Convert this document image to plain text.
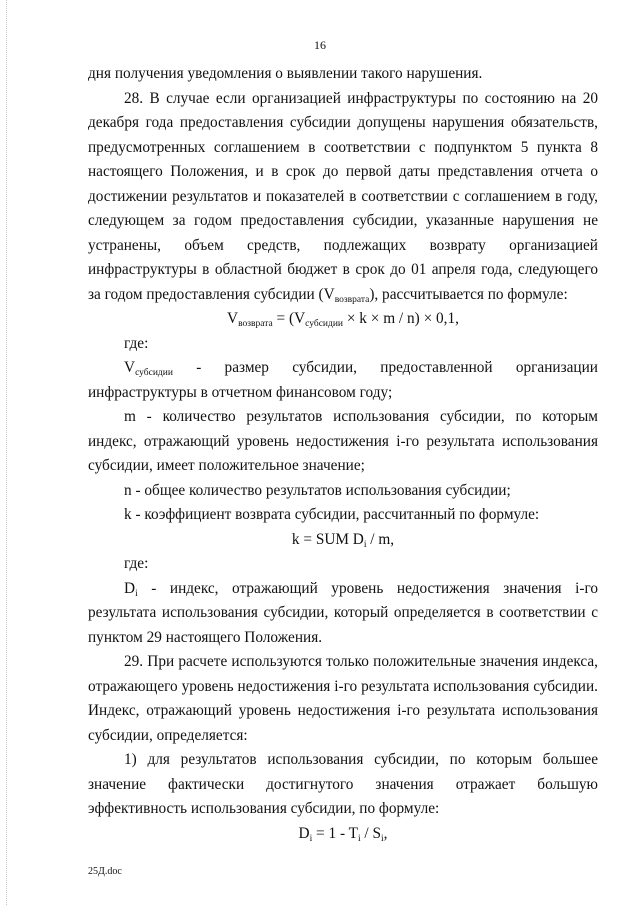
16

дня получения уведомления о выявлении такого нарушения.

28. В случае если организацией инфраструктуры по состоянию на 20 декабря года предоставления субсидии допущены нарушения обязательств, предусмотренных соглашением в соответствии с подпунктом 5 пункта 8 настоящего Положения, и в срок до первой даты представления отчета о достижении результатов и показателей в соответствии с соглашением в году, следующем за годом предоставления субсидии, указанные нарушения не устранены, объем средств, подлежащих возврату организацией инфраструктуры в областной бюджет в срок до 01 апреля года, следующего за годом предоставления субсидии $(V_{возврата})$, рассчитывается по формуле:

$V_{возврата} = (V_{субсидии} \times k \times m / n) \times 0,1$,

где:

$V_{субсидии}$ - размер субсидии, предоставленной организации инфраструктуры в отчетном финансовом году;

m - количество результатов использования субсидии, по которым индекс, отражающий уровень недостижения i-го результата использования субсидии, имеет положительное значение;

n - общее количество результатов использования субсидии;

k - коэффициент возврата субсидии, рассчитанный по формуле:

k = SUM $D_i$ / m,

где:

$D_i$ - индекс, отражающий уровень недостижения значения i-го результата использования субсидии, который определяется в соответствии с пунктом 29 настоящего Положения.

29. При расчете используются только положительные значения индекса, отражающего уровень недостижения i-го результата использования субсидии. Индекс, отражающий уровень недостижения i-го результата использования субсидии, определяется:

1) для результатов использования субсидии, по которым большее значение фактически достигнутого значения отражает большую эффективность использования субсидии, по формуле:

$D_i = 1 - T_i / S_i$,

25Д.doc
